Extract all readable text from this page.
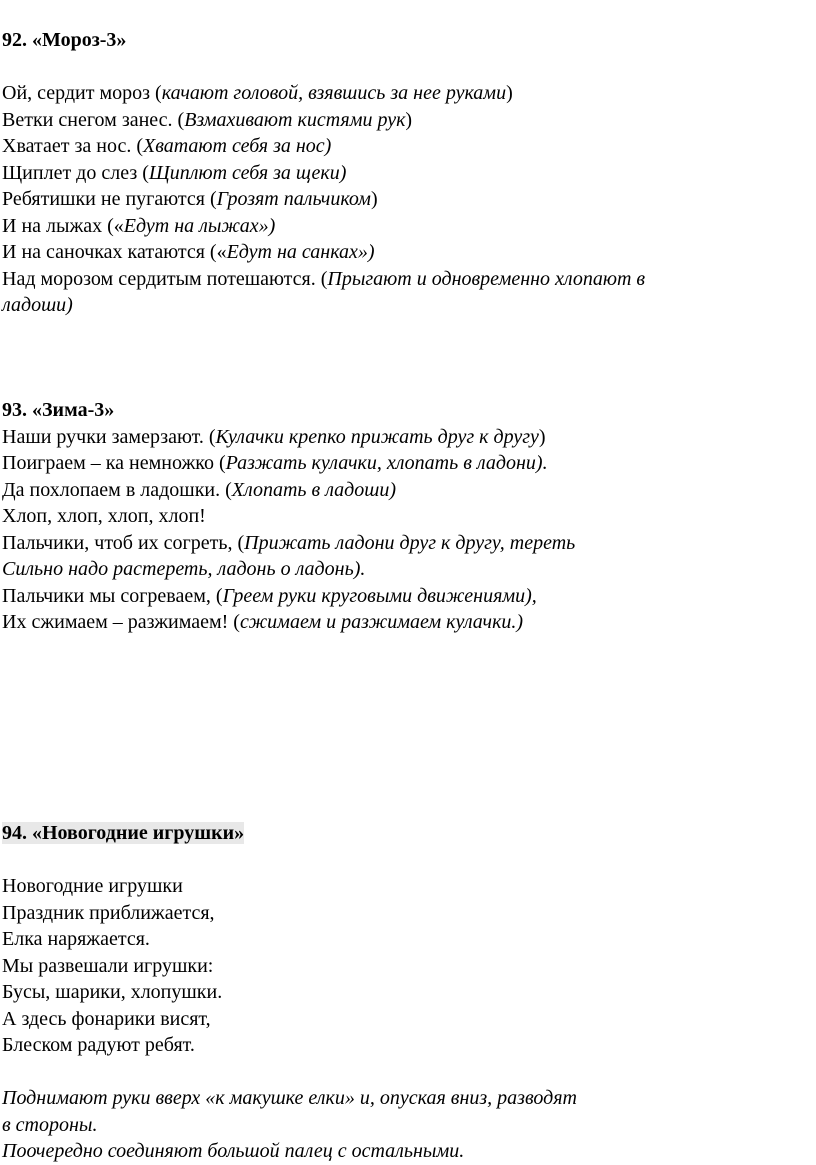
92. «Мороз-3»
Ой, сердит мороз (качают головой, взявшись за нее руками)
Ветки снегом занес. (Взмахивают кистями рук)
Хватает за нос. (Хватают себя за нос)
Щиплет до слез (Щиплют себя за щеки)
Ребятишки не пугаются (Грозят пальчиком)
И на лыжах («Едут на лыжах»)
И на саночках катаются («Едут на санках»)
Над морозом сердитым потешаются. (Прыгают и одновременно хлопают в
ладоши)
93. «Зима-3»
Наши ручки замерзают. (Кулачки крепко прижать друг к другу)
Поиграем – ка немножко (Разжать кулачки, хлопать в ладони).
Да похлопаем в ладошки. (Хлопать в ладоши)
Хлоп, хлоп, хлоп, хлоп!
Пальчики, чтоб их согреть, (Прижать ладони друг к другу, тереть
Сильно надо растереть, ладонь о ладонь).
Пальчики мы согреваем, (Греем руки круговыми движениями),
Их сжимаем – разжимаем! (сжимаем и разжимаем кулачки.)
94. «Новогодние игрушки»
Новогодние игрушки
Праздник приближается,
Елка наряжается.
Мы развешали игрушки:
Бусы, шарики, хлопушки.
А здесь фонарики висят,
Блеском радуют ребят.
Поднимают руки вверх «к макушке елки» и, опуская вниз, разводят
в стороны.
Поочередно соединяют большой палец с остальными.
